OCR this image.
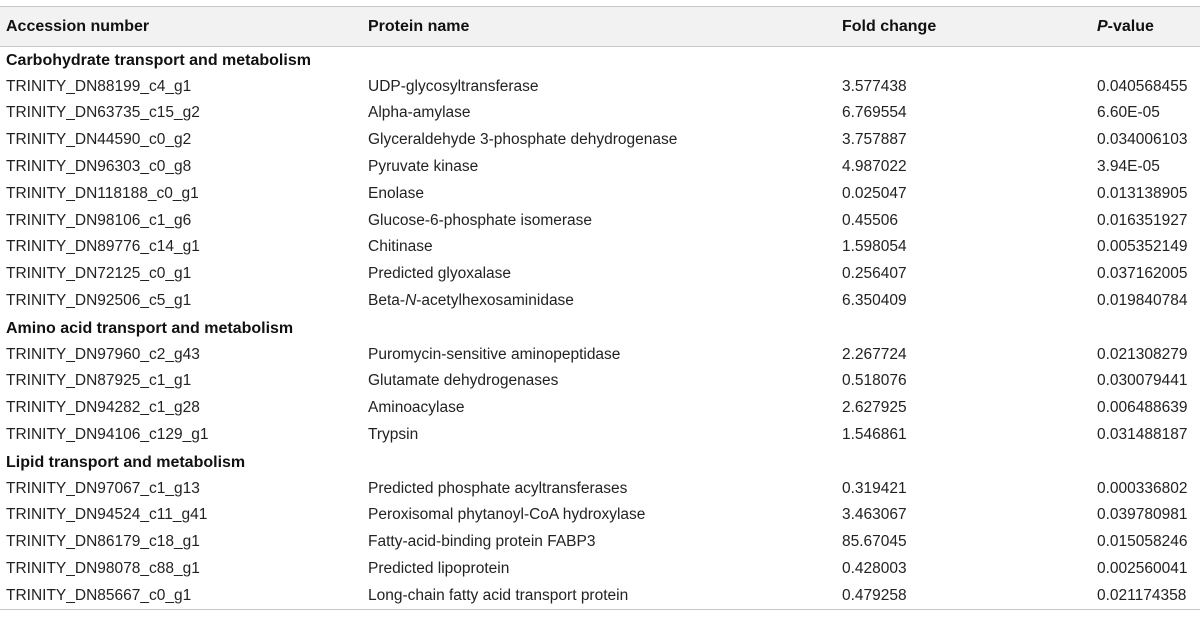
Accession number	Protein name	Fold change	P-value
Carbohydrate transport and metabolism			
TRINITY_DN88199_c4_g1	UDP-glycosyltransferase	3.577438	0.040568455
TRINITY_DN63735_c15_g2	Alpha-amylase	6.769554	6.60E-05
TRINITY_DN44590_c0_g2	Glyceraldehyde 3-phosphate dehydrogenase	3.757887	0.034006103
TRINITY_DN96303_c0_g8	Pyruvate kinase	4.987022	3.94E-05
TRINITY_DN118188_c0_g1	Enolase	0.025047	0.013138905
TRINITY_DN98106_c1_g6	Glucose-6-phosphate isomerase	0.45506	0.016351927
TRINITY_DN89776_c14_g1	Chitinase	1.598054	0.005352149
TRINITY_DN72125_c0_g1	Predicted glyoxalase	0.256407	0.037162005
TRINITY_DN92506_c5_g1	Beta-N-acetylhexosaminidase	6.350409	0.019840784
Amino acid transport and metabolism			
TRINITY_DN97960_c2_g43	Puromycin-sensitive aminopeptidase	2.267724	0.021308279
TRINITY_DN87925_c1_g1	Glutamate dehydrogenases	0.518076	0.030079441
TRINITY_DN94282_c1_g28	Aminoacylase	2.627925	0.006488639
TRINITY_DN94106_c129_g1	Trypsin	1.546861	0.031488187
Lipid transport and metabolism			
TRINITY_DN97067_c1_g13	Predicted phosphate acyltransferases	0.319421	0.000336802
TRINITY_DN94524_c11_g41	Peroxisomal phytanoyl-CoA hydroxylase	3.463067	0.039780981
TRINITY_DN86179_c18_g1	Fatty-acid-binding protein FABP3	85.67045	0.015058246
TRINITY_DN98078_c88_g1	Predicted lipoprotein	0.428003	0.002560041
TRINITY_DN85667_c0_g1	Long-chain fatty acid transport protein	0.479258	0.021174358
